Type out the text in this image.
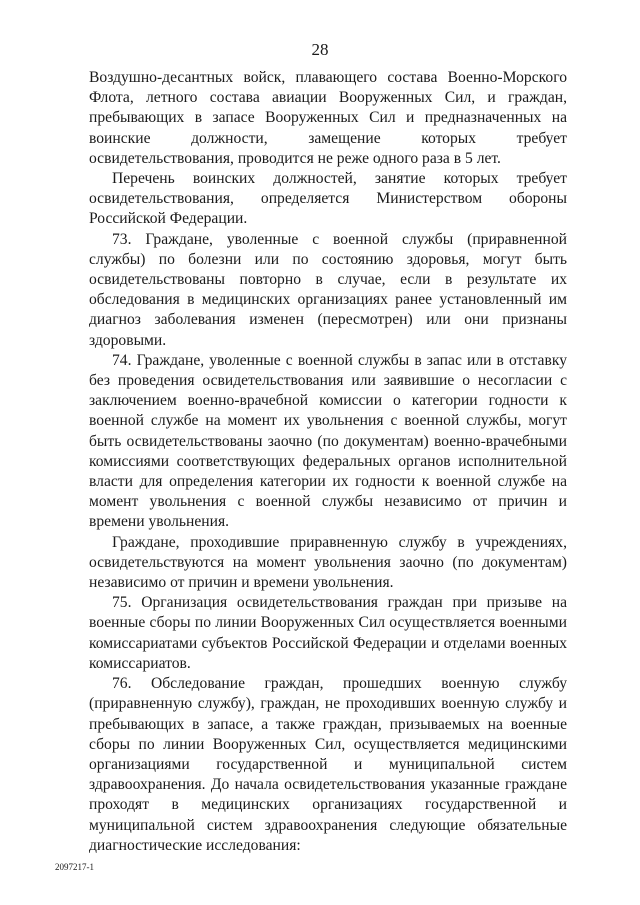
28

Воздушно-десантных войск, плавающего состава Военно-Морского Флота, летного состава авиации Вооруженных Сил, и граждан, пребывающих в запасе Вооруженных Сил и предназначенных на воинские должности, замещение которых требует освидетельствования, проводится не реже одного раза в 5 лет.

Перечень воинских должностей, занятие которых требует освидетельствования, определяется Министерством обороны Российской Федерации.

73. Граждане, уволенные с военной службы (приравненной службы) по болезни или по состоянию здоровья, могут быть освидетельствованы повторно в случае, если в результате их обследования в медицинских организациях ранее установленный им диагноз заболевания изменен (пересмотрен) или они признаны здоровыми.

74. Граждане, уволенные с военной службы в запас или в отставку без проведения освидетельствования или заявившие о несогласии с заключением военно-врачебной комиссии о категории годности к военной службе на момент их увольнения с военной службы, могут быть освидетельствованы заочно (по документам) военно-врачебными комиссиями соответствующих федеральных органов исполнительной власти для определения категории их годности к военной службе на момент увольнения с военной службы независимо от причин и времени увольнения.

Граждане, проходившие приравненную службу в учреждениях, освидетельствуются на момент увольнения заочно (по документам) независимо от причин и времени увольнения.

75. Организация освидетельствования граждан при призыве на военные сборы по линии Вооруженных Сил осуществляется военными комиссариатами субъектов Российской Федерации и отделами военных комиссариатов.

76. Обследование граждан, прошедших военную службу (приравненную службу), граждан, не проходивших военную службу и пребывающих в запасе, а также граждан, призываемых на военные сборы по линии Вооруженных Сил, осуществляется медицинскими организациями государственной и муниципальной систем здравоохранения. До начала освидетельствования указанные граждане проходят в медицинских организациях государственной и муниципальной систем здравоохранения следующие обязательные диагностические исследования:

2097217-1
